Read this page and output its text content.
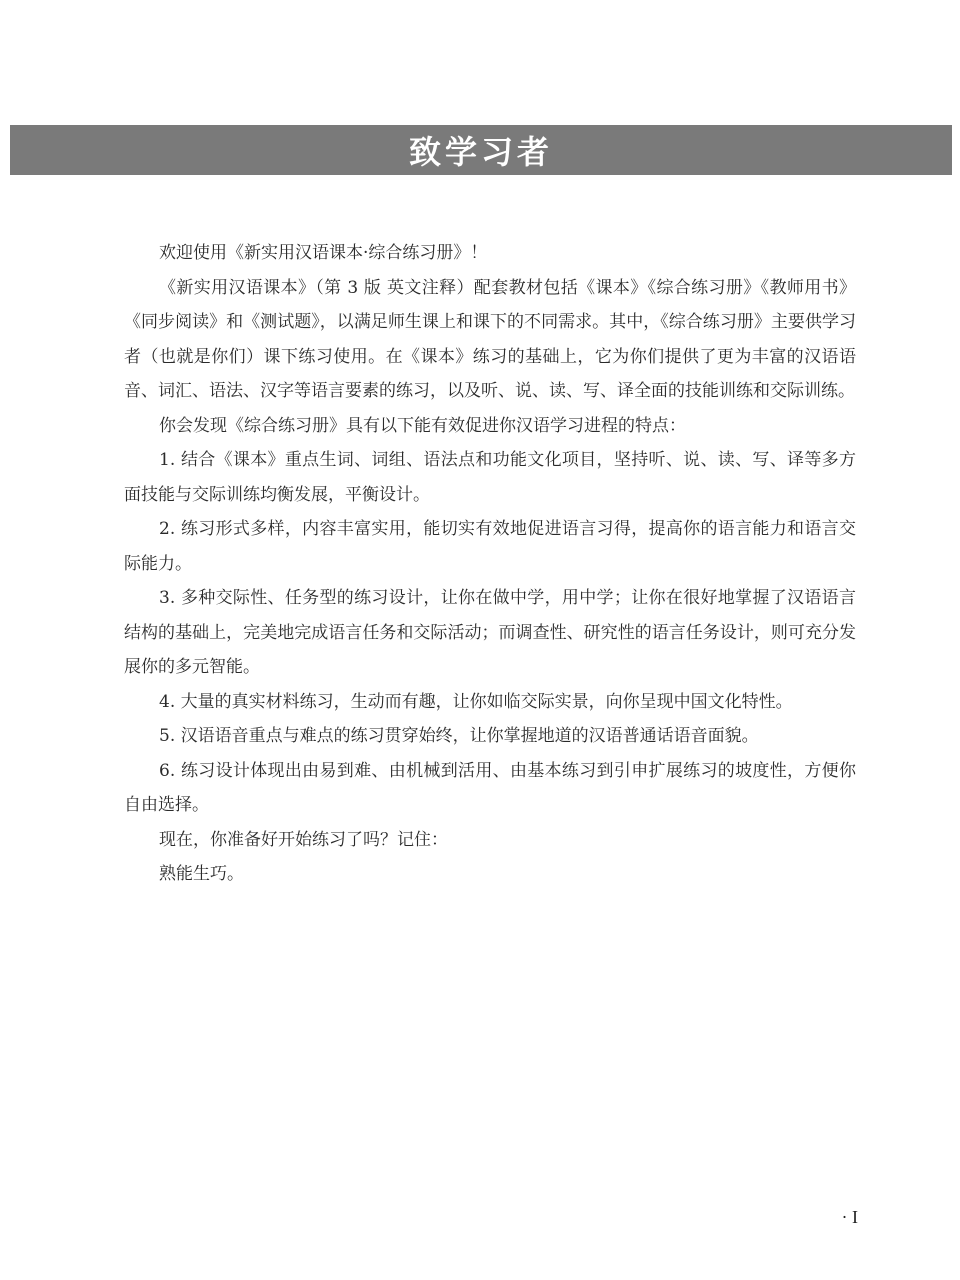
致学习者

欢迎使用《新实用汉语课本·综合练习册》！

《新实用汉语课本》（第 3 版 英文注释）配套教材包括《课本》《综合练习册》《教师用书》《同步阅读》和《测试题》，以满足师生课上和课下的不同需求。其中，《综合练习册》主要供学习者（也就是你们）课下练习使用。在《课本》练习的基础上，它为你们提供了更为丰富的汉语语音、词汇、语法、汉字等语言要素的练习，以及听、说、读、写、译全面的技能训练和交际训练。

你会发现《综合练习册》具有以下能有效促进你汉语学习进程的特点：

1. 结合《课本》重点生词、词组、语法点和功能文化项目，坚持听、说、读、写、译等多方面技能与交际训练均衡发展，平衡设计。

2. 练习形式多样，内容丰富实用，能切实有效地促进语言习得，提高你的语言能力和语言交际能力。

3. 多种交际性、任务型的练习设计，让你在做中学，用中学；让你在很好地掌握了汉语语言结构的基础上，完美地完成语言任务和交际活动；而调查性、研究性的语言任务设计，则可充分发展你的多元智能。

4. 大量的真实材料练习，生动而有趣，让你如临交际实景，向你呈现中国文化特性。

5. 汉语语音重点与难点的练习贯穿始终，让你掌握地道的汉语普通话语音面貌。

6. 练习设计体现出由易到难、由机械到活用、由基本练习到引申扩展练习的坡度性，方便你自由选择。

现在，你准备好开始练习了吗？记住：

熟能生巧。

· I
